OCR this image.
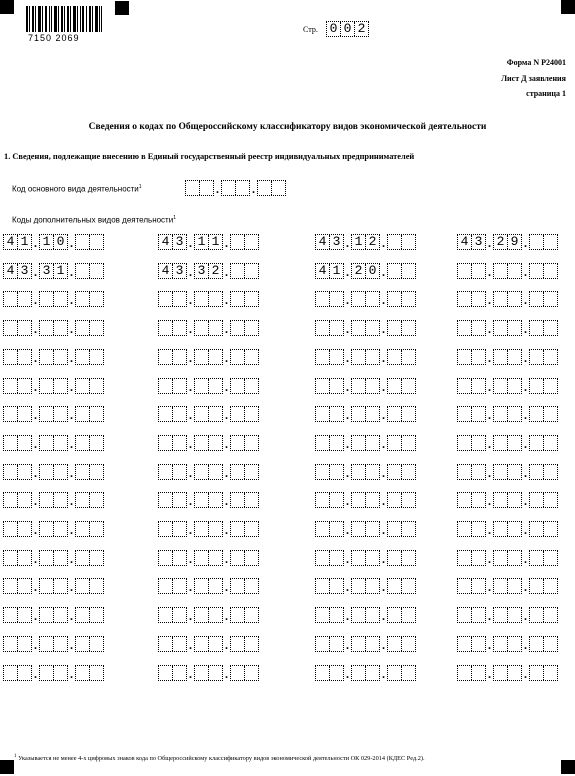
7150 2069
Стр. 0 0 2
Форма N Р24001
Лист Д заявления
страница 1
Сведения о кодах по Общероссийскому классификатору видов экономической деятельности
1. Сведения, подлежащие внесению в Единый государственный реестр индивидуальных предпринимателей
Код основного вида деятельности$^1$
Коды дополнительных видов деятельности$^1$
.	.
4 1 . 1 0 .	4 3 . 1 1 .	4 3 . 1 2 .	4 3 . 2 9 .
4 3 . 3 1 .	4 3 . 3 2 .	4 1 . 2 0 .	.	.
.	.	.	.	.	.	.	.
.	.	.	.	.	.	.	.
.	.	.	.	.	.	.	.
.	.	.	.	.	.	.	.
.	.	.	.	.	.	.	.
.	.	.	.	.	.	.	.
.	.	.	.	.	.	.	.
.	.	.	.	.	.	.	.
.	.	.	.	.	.	.	.
.	.	.	.	.	.	.	.
.	.	.	.	.	.	.	.
.	.	.	.	.	.	.	.
.	.	.	.	.	.	.	.
.	.	.	.	.	.	.	.
$^1$ Указывается не менее 4-х цифровых знаков кода по Общероссийскому классификатору видов экономической деятельности ОК 029-2014 (КДЕС Ред.2).
